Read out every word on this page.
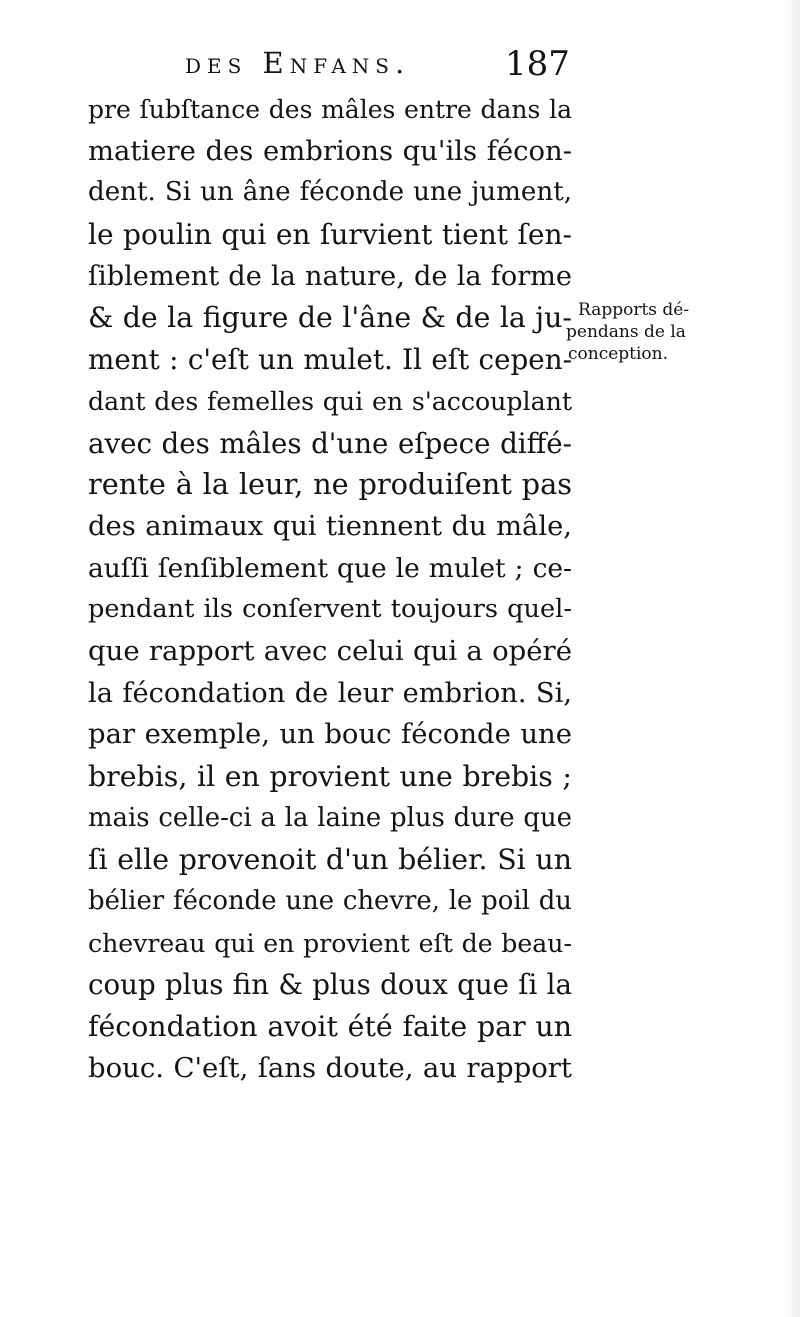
des Enfans.	187
pre ſubſtance des mâles entre dans la
matiere des embrions qu'ils fécon-
dent. Si un âne féconde une jument,
le poulin qui en ſurvient tient ſen-
ſiblement de la nature, de la forme
& de la figure de l'âne & de la ju-
ment : c'eſt un mulet. Il eſt cepen-
dant des femelles qui en s'accouplant
avec des mâles d'une eſpece diffé-
rente à la leur, ne produiſent pas
des animaux qui tiennent du mâle,
auſſi ſenſiblement que le mulet ; ce-
pendant ils conſervent toujours quel-
que rapport avec celui qui a opéré
la fécondation de leur embrion. Si,
par exemple, un bouc féconde une
brebis, il en provient une brebis ;
mais celle-ci a la laine plus dure que
ſi elle provenoit d'un bélier. Si un
bélier féconde une chevre, le poil du
chevreau qui en provient eſt de beau-
coup plus fin & plus doux que ſi la
fécondation avoit été faite par un
bouc. C'eſt, ſans doute, au rapport
Rapports dé-
pendans de la
conception.
